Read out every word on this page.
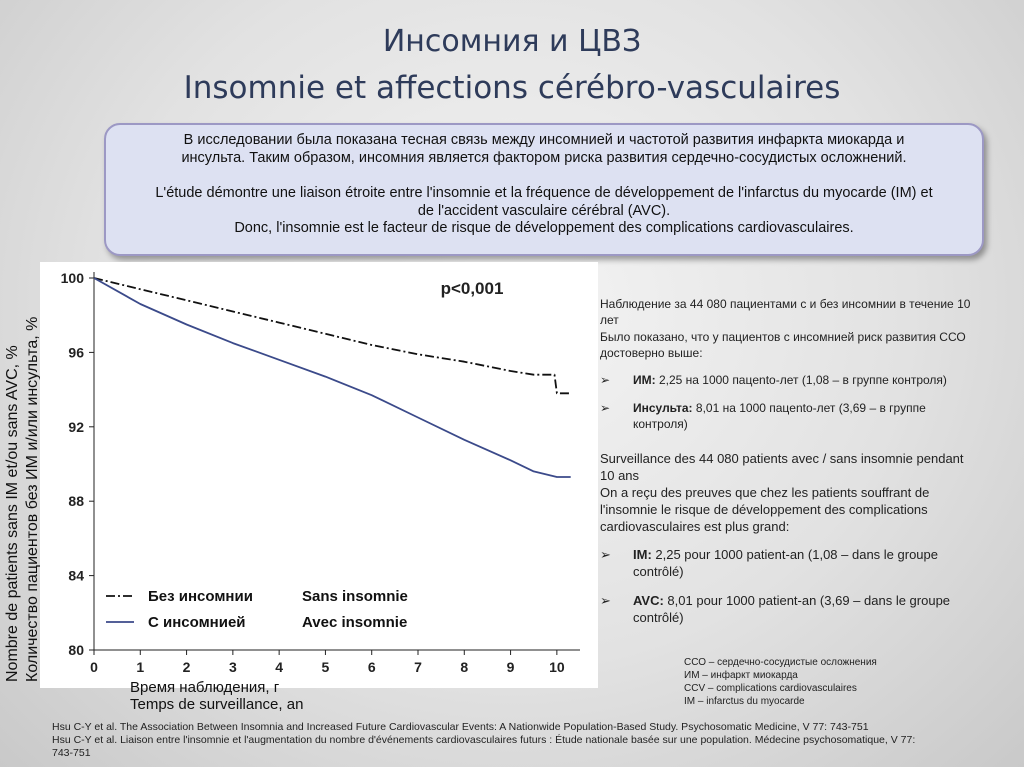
Инсомния и ЦВЗ
Insomnie et affections cérébro-vasculaires

В исследовании была показана тесная связь между инсомнией и частотой развития инфаркта миокарда и

инсульта. Таким образом, инсомния является фактором риска развития сердечно-сосудистых осложнений.

L'étude démontre une liaison étroite entre l'insomnie et la fréquence de développement de l'infarctus du myocarde (IM) et

de l'accident vasculaire cérébral (AVC).

Donc, l'insomnie est le facteur de risque de développement des complications cardiovasculaires.

Nombre de patients sans IM et/ou sans AVC, % Количество пациентов без ИМ и/или инсульта, % 80
84
88
92
96
100
0	1	2	3	4	5	6	7	8	9 10
p<0,001
Без инсомнии	Sans insomnie
С инсомнией	Avec insomnie
Время наблюдения, г
Temps de surveillance, an

Наблюдение за 44 080 пациентами с и без инсомнии в течение 10 лет

Было показано, что у пациентов с инсомнией риск развития ССО достоверно выше:

➢ ИМ: 2,25 на 1000 пацento-лет (1,08 – в группе контроля)

➢ Инсульта: 8,01 на 1000 пацento-лет (3,69 – в группе контроля)

Surveillance des 44 080 patients avec / sans insomnie pendant 10 ans

On a reçu des preuves que chez les patients souffrant de l'insomnie le risque de développement des complications cardiovasculaires est plus grand:

➢ IM: 2,25 pour 1000 patient-an (1,08 – dans le groupe contrôlé)

➢ AVC: 8,01 pour 1000 patient-an (3,69 – dans le groupe contrôlé)

ССО – сердечно-сосудистые осложнения
ИМ – инфаркт миокарда
CCV – complications cardiovasculaires
IM – infarctus du myocarde

Hsu C-Y et al. The Association Between Insomnia and Increased Future Cardiovascular Events: A Nationwide Population-Based Study. Psychosomatic Medicine, V 77: 743-751

Hsu C-Y et al. Liaison entre l'insomnie et l'augmentation du nombre d'événements cardiovasculaires futurs : Étude nationale basée sur une population. Médecine psychosomatique, V 77: 743-751
